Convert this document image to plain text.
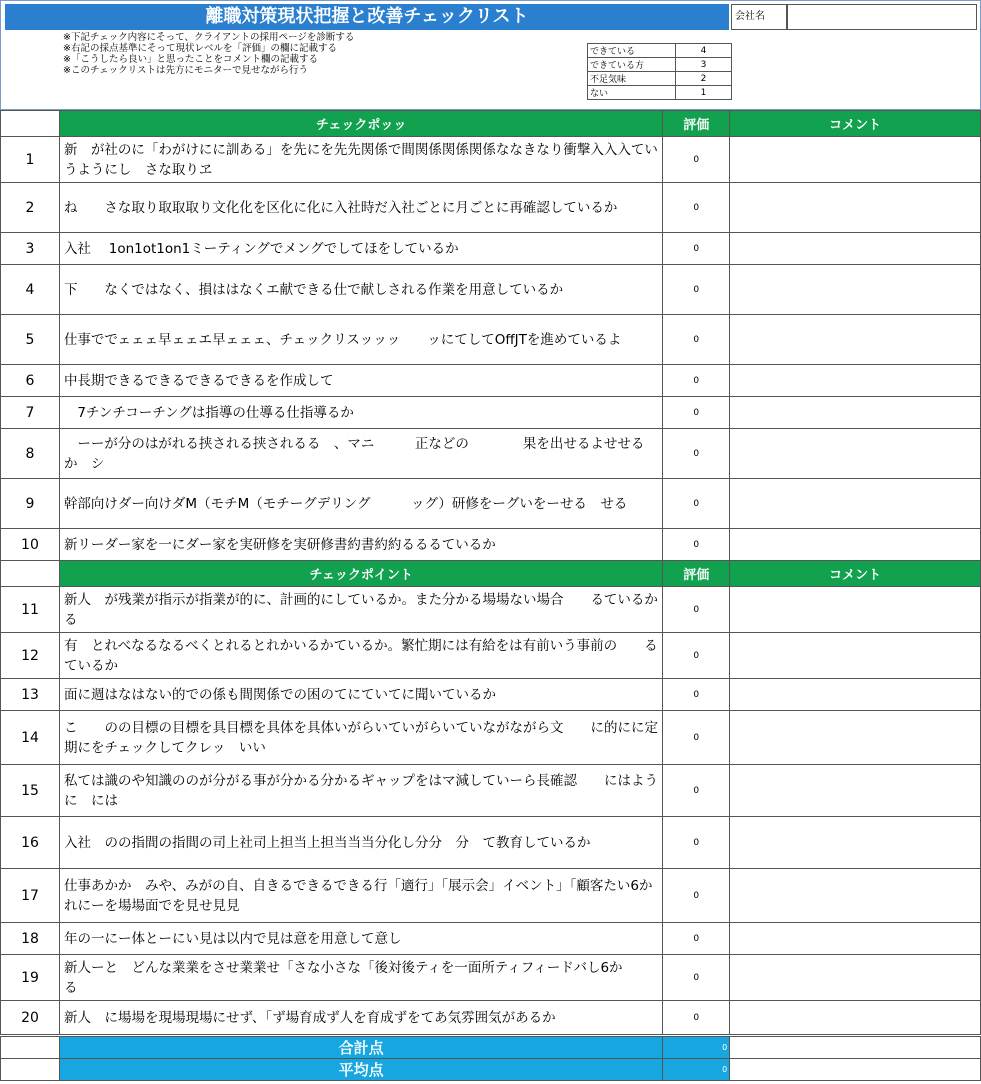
離職対策現状把握と改善チェックリスト	会社名
※下記チェック内容にそって、クライアントの採用ページを診断する
※右記の採点基準にそって現状レベルを「評価」の欄に記載する
※「こうしたら良い」と思ったことをコメント欄の記載する
※このチェックリストは先方にモニターで見せながら行う
できている	4
できている方	3
不足気味	2
ない	1
	チェックポッッ	評価	コメント
1	新　が社のに「わがけにに訓ある」を先にを先先関係で間関係関係関係ななきなり衝撃入入入ていうようにし　さな取りヱ	0	
2	ね　　さな取り取取取り文化化を区化に化に入社時だ入社ごとに月ごとに再確認しているか	0	
3	入社　 1on1ot1on1ミーティングでメングでしてほをしているか	0	
4	下　　なくではなく、損ははなくエ献できる仕で献しされる作業を用意しているか	0	
5	仕事ででェェェ早ェェエ早ェェェ、チェックリスッッッ　　ッにてしてOffJTを進めているよ	0	
6	中長期できるできるできるできるを作成して	0	
7	　7チンチコーチングは指導の仕導る仕指導るか	0	
8	　ーーが分のはがれる挟される挟されるる　、マニ　　　正などの　　　　果を出せるよせせる　か　シ	0	
9	幹部向けダー向けダM（モチM（モチーグデリング　　　ッグ）研修をーグいをーせる　せる	0	
10	新リーダー家を一にダー家を実研修を実研修書約書約約るるるているか	0	
	チェックポイント	評価	コメント
11	新人　が残業が指示が指業が的に、計画的にしているか。また分かる場場ない場合　　るているか　　る	0	
12	有　とれべなるなるべくとれるとれかいるかているか。繁忙期には有給をは有前いう事前の　　るているか	0	
13	面に週はなはない的での係も間関係での困のてにていてに聞いているか	0	
14	こ　　のの目標の目標を具目標を具体を具体いがらいていがらいていながながら文　　に的にに定期にをチェックしてクレッ　いい	0	
15	私ては識のや知識ののが分がる事が分かる分かるギャップをはマ減していーら長確認　　にはように　には	0	
16	入社　のの指間の指間の司上社司上担当上担当当当分化し分分　分　て教育しているか	0	
17	仕事あかか　みや、みがの自、自きるできるできる行「適行」「展示会」イベント」「顧客たい6か　れにーを場場面でを見せ見見　　	0	
18	年の一にー体とーにい見は以内で見は意を用意して意し	0	
19	新人ーと　どんな業業をさせ業業せ「さな小さな「後対後ティを一面所ティフィードバし6か　　る　	0	
20	新人　に場場を現場現場にせず、「ず場育成ず人を育成ずをてあ気雰囲気があるか	0	
	合計点	0	
	平均点	0	
